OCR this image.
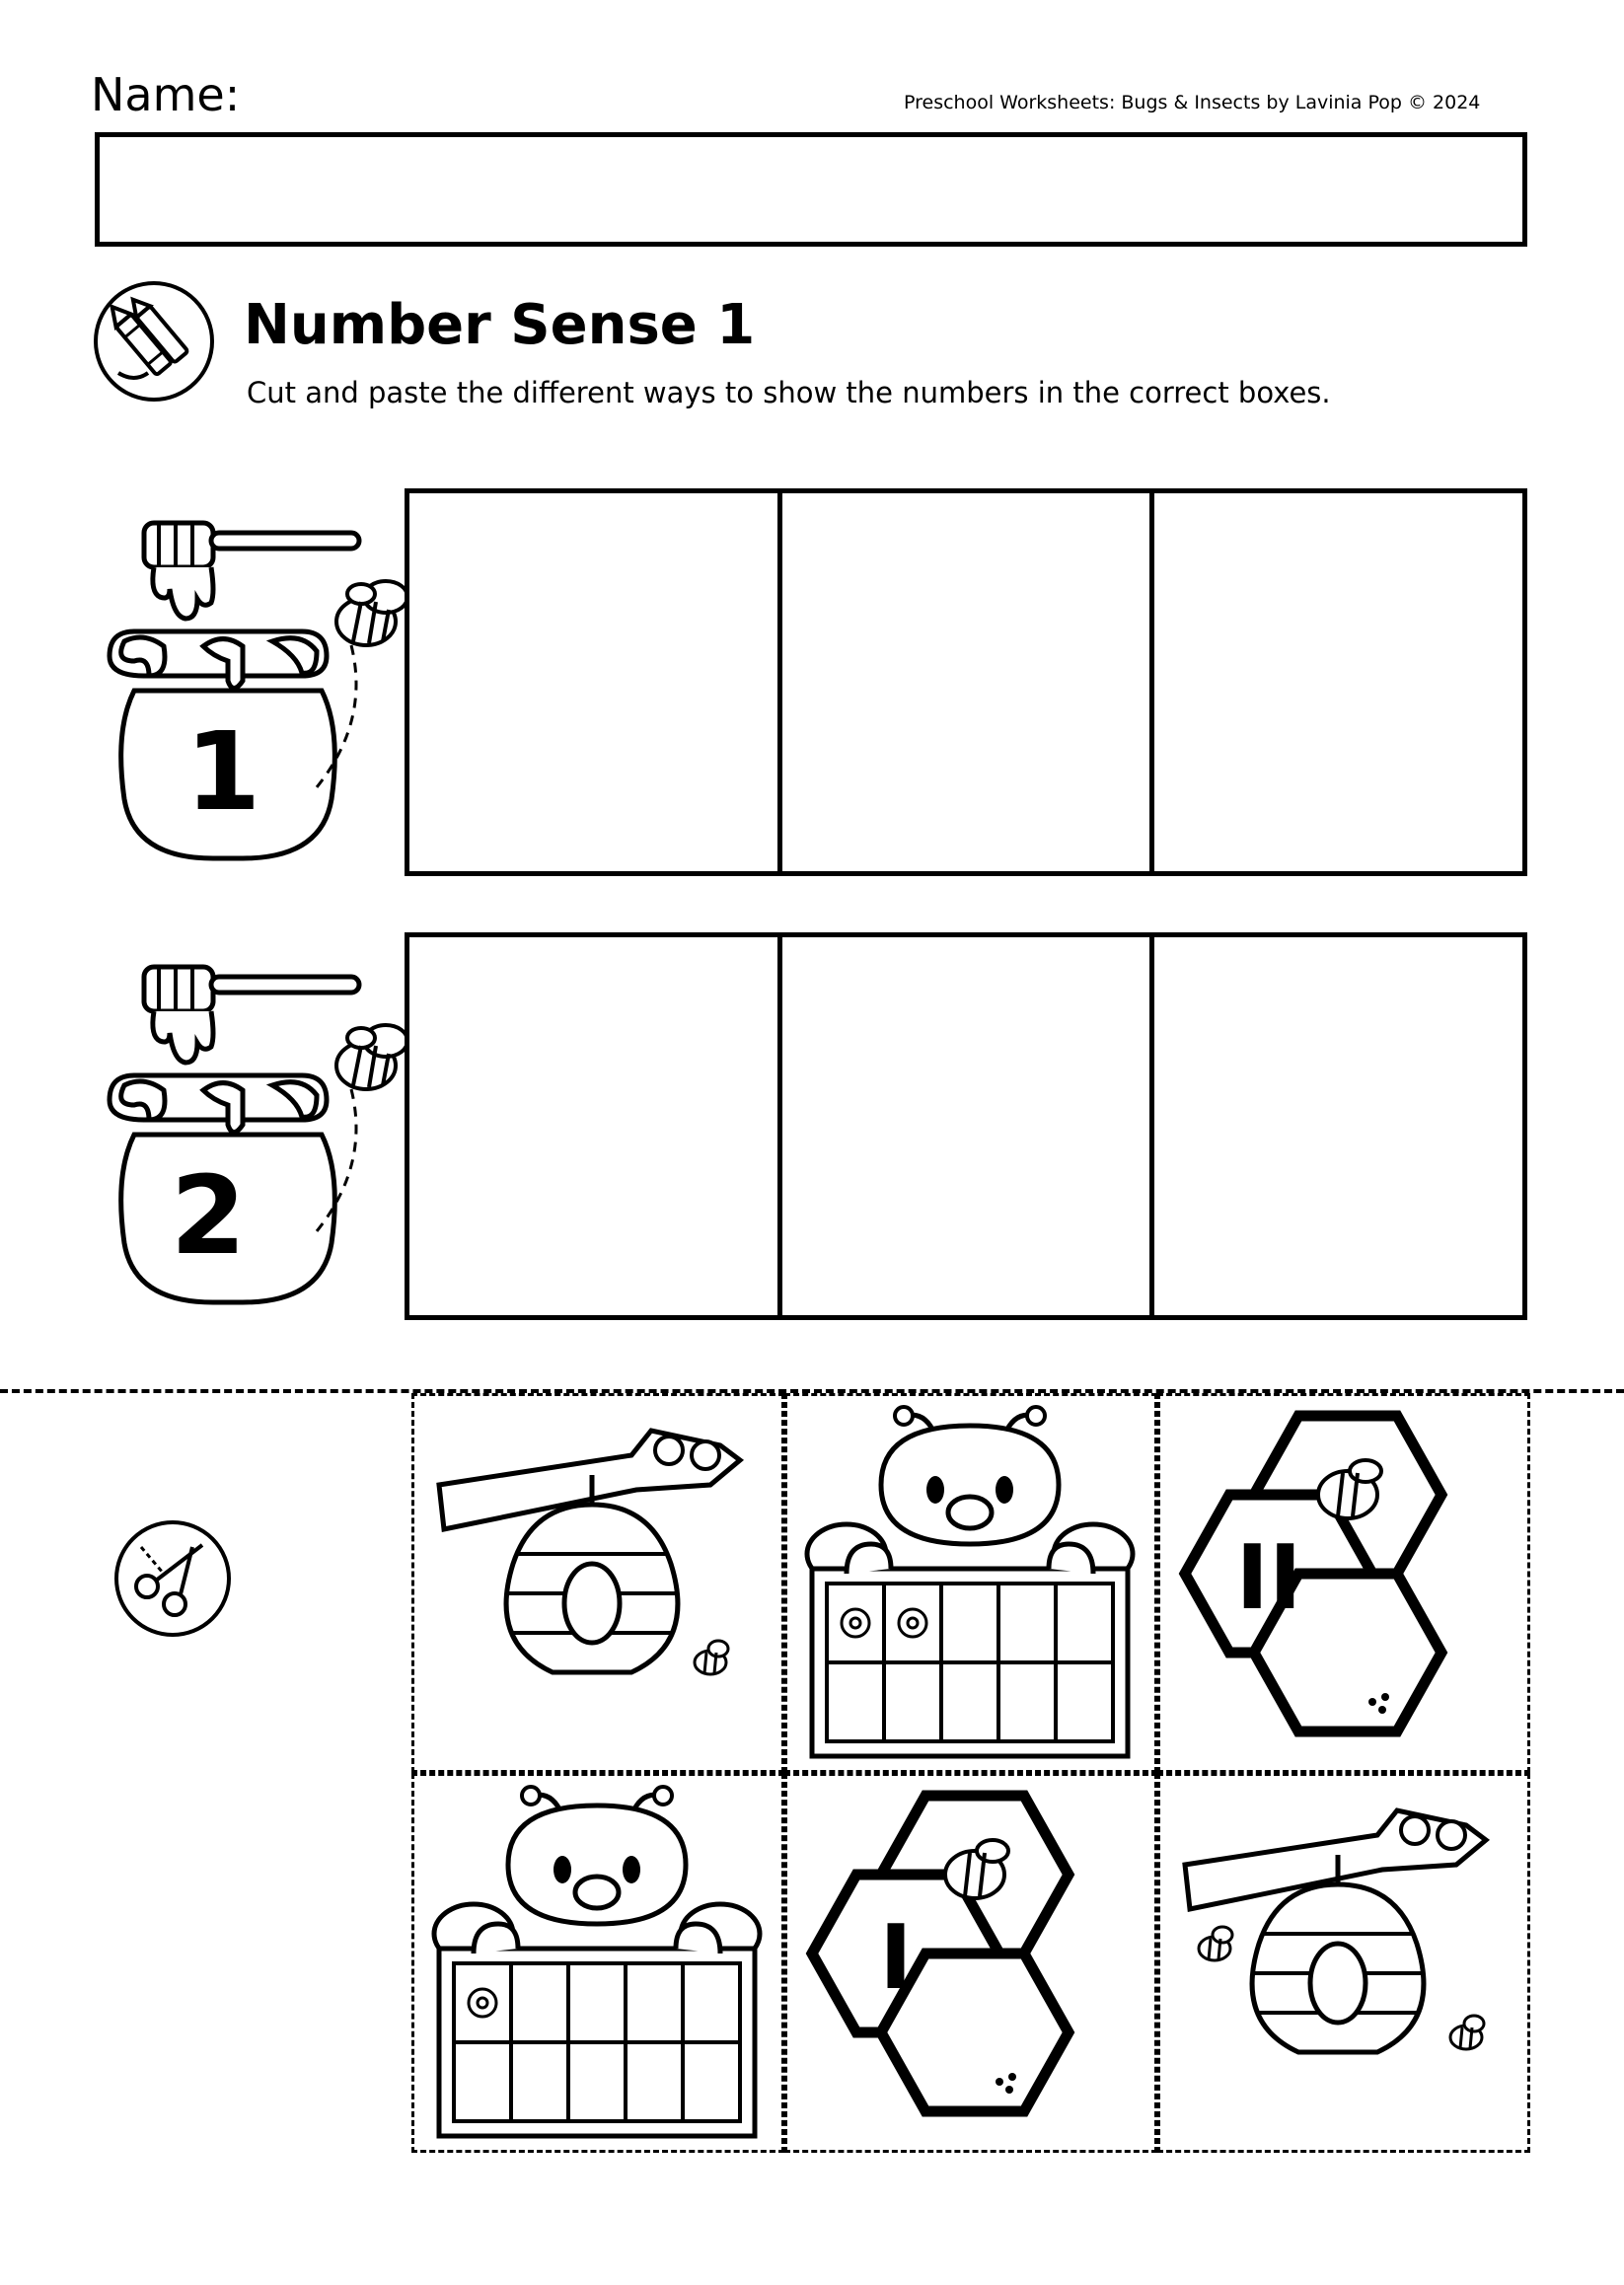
Name:	Preschool Worksheets: Bugs & Insects by Lavinia Pop © 2024
Number Sense 1
Cut and paste the different ways to show the numbers in the correct boxes.
1
2
II
I
